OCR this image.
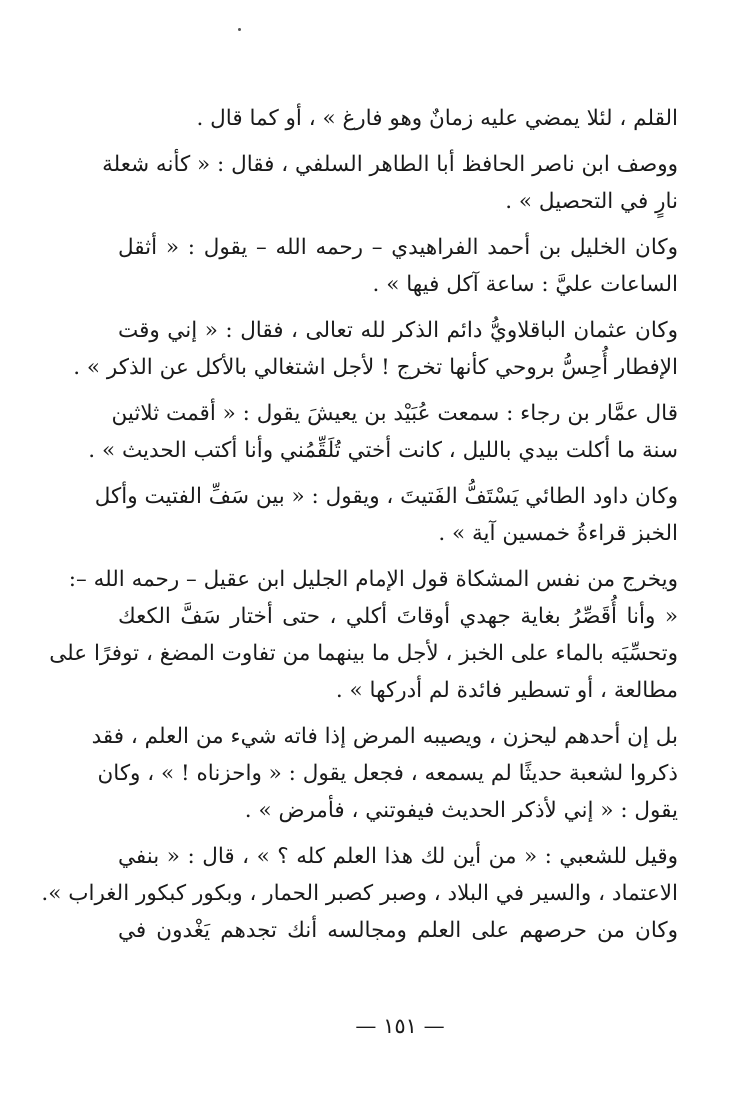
القلم ، لئلا يمضي عليه زمانٌ وهو فارغ » ، أو كما قال .
ووصف ابن ناصر الحافظ أبا الطاهر السلفي ، فقال : « كأنه شعلة
نارٍ في التحصيل » .
وكان الخليل بن أحمد الفراهيدي – رحمه الله – يقول : « أثقل
الساعات عليَّ : ساعة آكل فيها » .
وكان عثمان الباقلاويُّ دائم الذكر لله تعالى ، فقال : « إني وقت
الإفطار أُحِسُّ بروحي كأنها تخرج ! لأجل اشتغالي بالأكل عن الذكر » .
قال عمَّار بن رجاء : سمعت عُبَيْد بن يعيشَ يقول : « أقمت ثلاثين
سنة ما أكلت بيدي بالليل ، كانت أختي تُلَقِّمُني وأنا أكتب الحديث » .
وكان داود الطائي يَسْتَفُّ الفَتيتَ ، ويقول : « بين سَفِّ الفتيت وأكل
الخبز قراءةُ خمسين آية » .
ويخرج من نفس المشكاة قول الإمام الجليل ابن عقيل – رحمه الله –:
« وأنا أُقَصِّرُ بغاية جهدي أوقاتَ أكلي ، حتى أختار سَفَّ الكعك
وتحسِّيَه بالماء على الخبز ، لأجل ما بينهما من تفاوت المضغ ، توفرًا على
مطالعة ، أو تسطير فائدة لم أدركها » .
بل إن أحدهم ليحزن ، ويصيبه المرض إذا فاته شيء من العلم ، فقد
ذكروا لشعبة حديثًا لم يسمعه ، فجعل يقول : « واحزناه ! » ، وكان
يقول : « إني لأذكر الحديث فيفوتني ، فأمرض » .
وقيل للشعبي : « من أين لك هذا العلم كله ؟ » ، قال : « بنفي
الاعتماد ، والسير في البلاد ، وصبر كصبر الحمار ، وبكور كبكور الغراب ».
وكان من حرصهم على العلم ومجالسه أنك تجدهم يَغْدون في
— ١٥١ —
